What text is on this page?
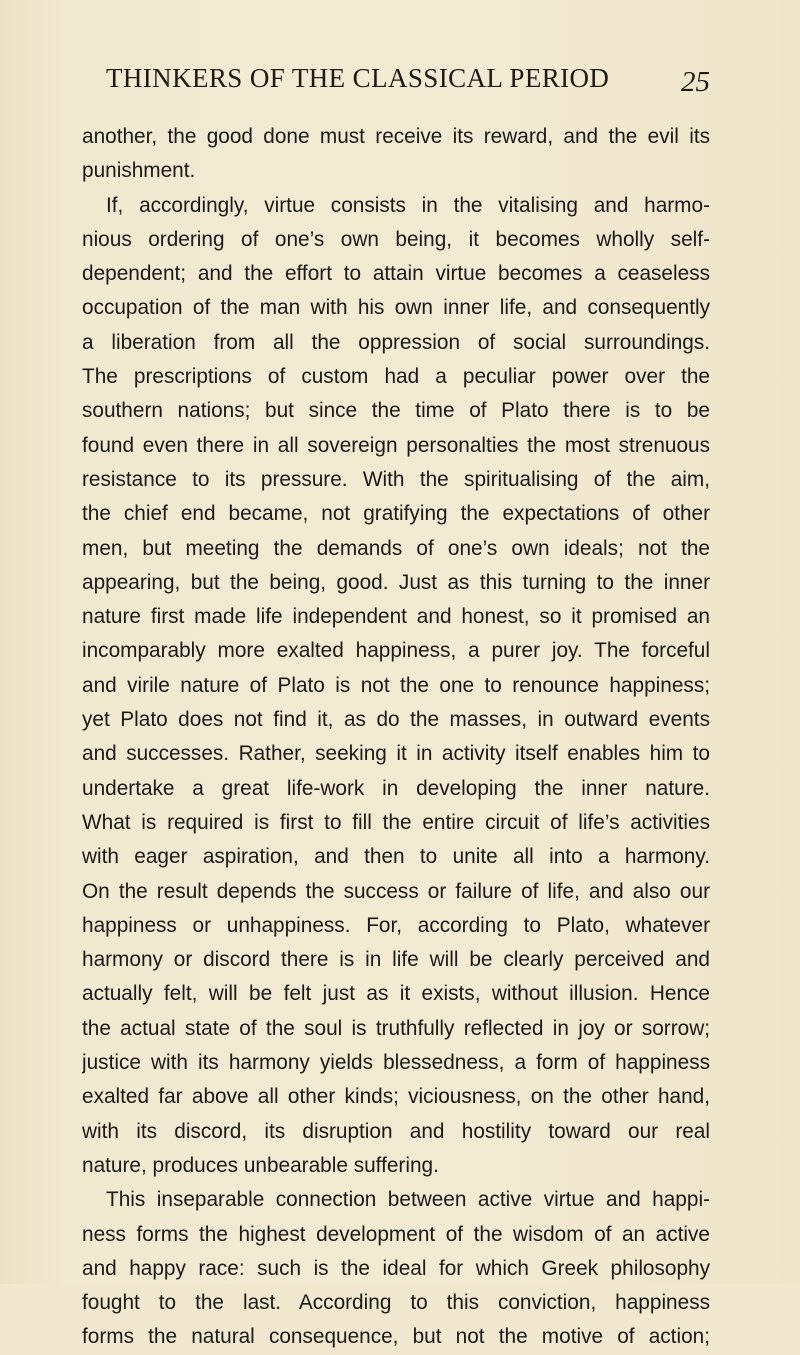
THINKERS OF THE CLASSICAL PERIOD 25
another, the good done must receive its reward, and the evil its
punishment.
If, accordingly, virtue consists in the vitalising and harmo-
nious ordering of one’s own being, it becomes wholly self-
dependent; and the effort to attain virtue becomes a ceaseless
occupation of the man with his own inner life, and consequently
a liberation from all the oppression of social surroundings.
The prescriptions of custom had a peculiar power over the
southern nations; but since the time of Plato there is to be
found even there in all sovereign personalties the most strenuous
resistance to its pressure. With the spiritualising of the aim,
the chief end became, not gratifying the expectations of other
men, but meeting the demands of one’s own ideals; not the
appearing, but the being, good. Just as this turning to the inner
nature first made life independent and honest, so it promised an
incomparably more exalted happiness, a purer joy. The forceful
and virile nature of Plato is not the one to renounce happiness;
yet Plato does not find it, as do the masses, in outward events
and successes. Rather, seeking it in activity itself enables him to
undertake a great life-work in developing the inner nature.
What is required is first to fill the entire circuit of life’s activities
with eager aspiration, and then to unite all into a harmony.
On the result depends the success or failure of life, and also our
happiness or unhappiness. For, according to Plato, whatever
harmony or discord there is in life will be clearly perceived and
actually felt, will be felt just as it exists, without illusion. Hence
the actual state of the soul is truthfully reflected in joy or sorrow;
justice with its harmony yields blessedness, a form of happiness
exalted far above all other kinds; viciousness, on the other hand,
with its discord, its disruption and hostility toward our real
nature, produces unbearable suffering.
This inseparable connection between active virtue and happi-
ness forms the highest development of the wisdom of an active
and happy race: such is the ideal for which Greek philosophy
fought to the last. According to this conviction, happiness
forms the natural consequence, but not the motive of action;
